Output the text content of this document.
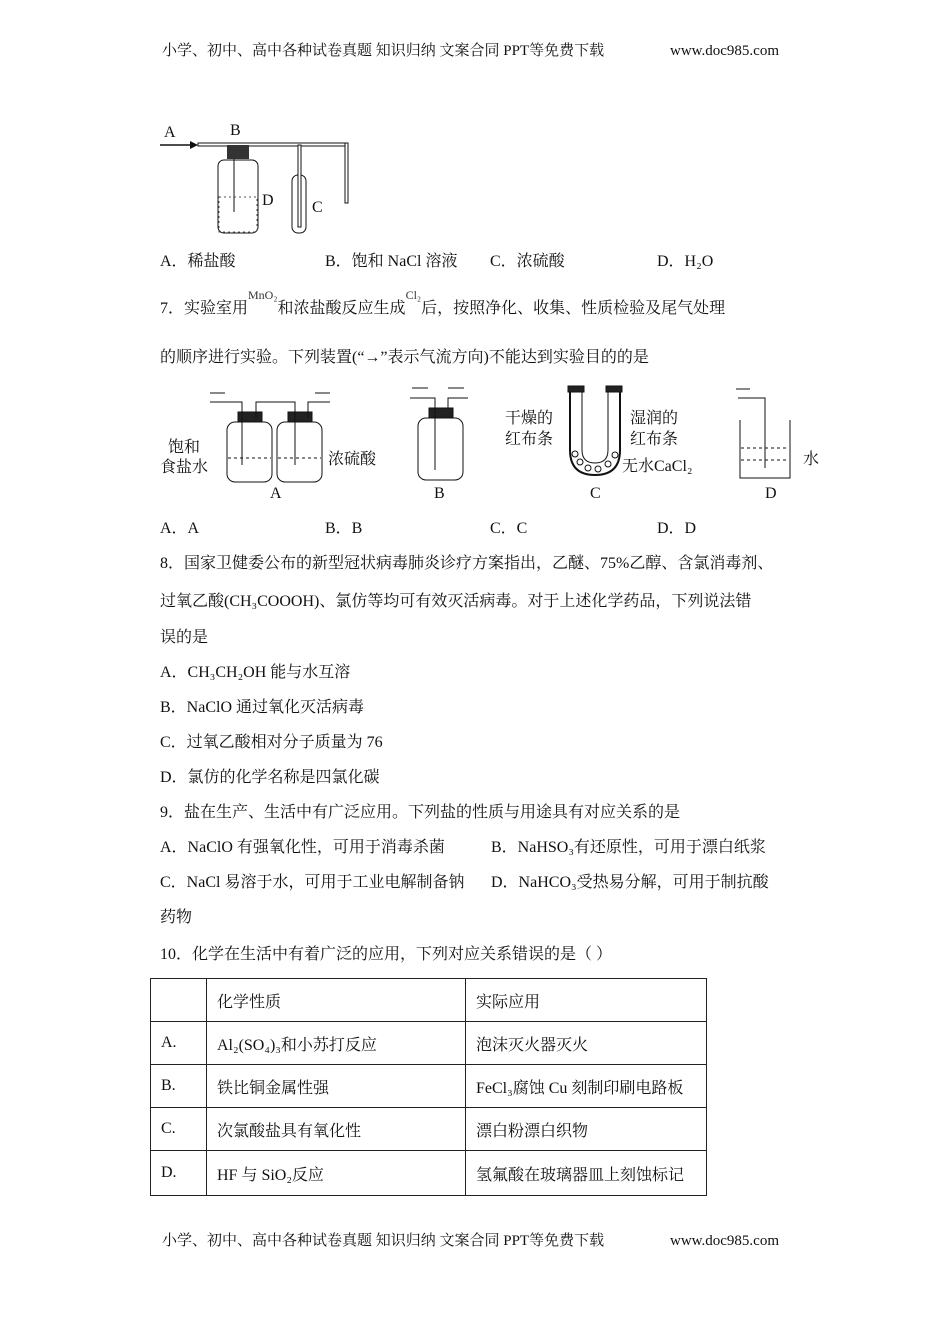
小学、初中、高中各种试卷真题 知识归纳 文案合同 PPT等免费下载	www.doc985.com
A	B
D C
A．稀盐酸	B．饱和 NaCl 溶液 C．浓硫酸	D．H₂O
7．实验室用$^{MnO_2}$和浓盐酸反应生成$^{Cl_2}$后，按照净化、收集、性质检验及尾气处理
的顺序进行实验。下列装置(“→”表示气流方向)不能达到实验目的的是
饱和
食盐水	浓硫酸
干燥的
红布条
湿润的
红布条
无水CaCl₂	水
A	B	C	D
A．A	B．B	C．C	D．D
8．国家卫健委公布的新型冠状病毒肺炎诊疗方案指出，乙醚、75%乙醇、含氯消毒剂、
过氧乙酸(CH₃COOOH)、氯仿等均可有效灭活病毒。对于上述化学药品，下列说法错
误的是
A．CH₃CH₂OH 能与水互溶
B．NaClO 通过氧化灭活病毒
C．过氧乙酸相对分子质量为 76
D．氯仿的化学名称是四氯化碳
9．盐在生产、生活中有广泛应用。下列盐的性质与用途具有对应关系的是
A．NaClO 有强氧化性，可用于消毒杀菌	B．NaHSO₃有还原性，可用于漂白纸浆
C．NaCl 易溶于水，可用于工业电解制备钠 D．NaHCO₃受热易分解，可用于制抗酸
药物
10．化学在生活中有着广泛的应用，下列对应关系错误的是（ ）
	化学性质	实际应用
A.	Al₂(SO₄)₃和小苏打反应	泡沫灭火器灭火
B.	铁比铜金属性强	FeCl₃腐蚀 Cu 刻制印刷电路板
C.	次氯酸盐具有氧化性	漂白粉漂白织物
D.	HF 与 SiO₂反应	氢氟酸在玻璃器皿上刻蚀标记
小学、初中、高中各种试卷真题 知识归纳 文案合同 PPT等免费下载	www.doc985.com
